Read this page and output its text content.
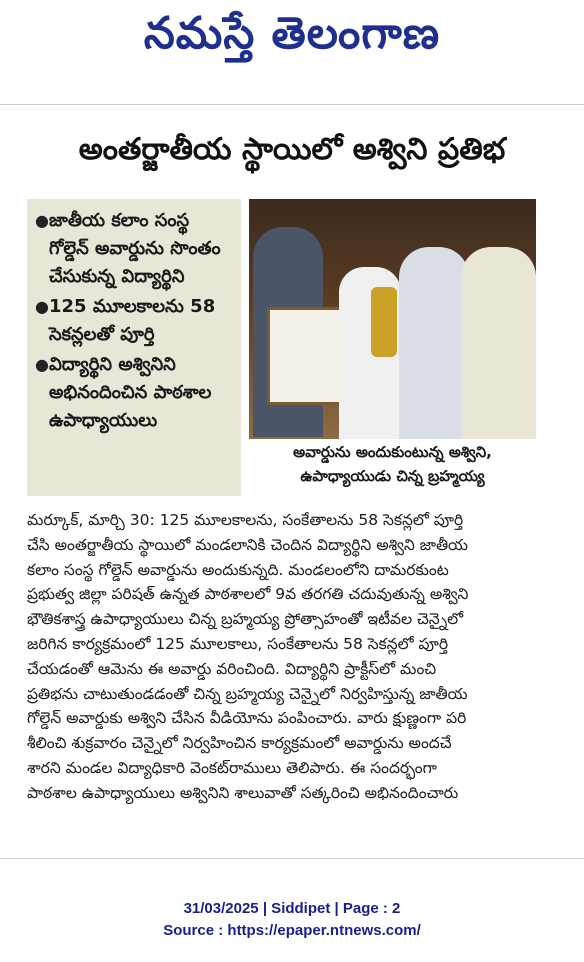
నమస్తే తెలంగాణ
అంతర్జాతీయ స్థాయిలో అశ్విని ప్రతిభ
● జాతీయ కలాం సంస్థ గోల్డెన్ అవార్డును సొంతం చేసుకున్న విద్యార్థిని
● 125 మూలకాలను 58 సెకన్లలతో పూర్తి
● విద్యార్థిని అశ్వినిని అభినందించిన పాఠశాల ఉపాధ్యాయులు
అవార్డును అందుకుంటున్న అశ్విని,
ఉపాధ్యాయుడు చిన్న బ్రహ్మయ్య
మర్కూక్, మార్చి 30: 125 మూలకాలను, సంకేతాలను 58 సెకన్లలో పూర్తి
చేసి అంతర్జాతీయ స్థాయిలో మండలానికి చెందిన విద్యార్థిని అశ్విని జాతీయ
కలాం సంస్థ గోల్డెన్ అవార్డును అందుకున్నది. మండలంలోని దామరకుంట
ప్రభుత్వ జిల్లా పరిషత్ ఉన్నత పాఠశాలలో 9వ తరగతి చదువుతున్న అశ్విని
భౌతికశాస్త్ర ఉపాధ్యాయులు చిన్న బ్రహ్మయ్య ప్రోత్సాహంతో ఇటీవల చెన్నైలో
జరిగిన కార్యక్రమంలో 125 మూలకాలు, సంకేతాలను 58 సెకన్లలో పూర్తి
చేయడంతో ఆమెను ఈ అవార్డు వరించింది. విద్యార్థిని ప్రాక్టీస్‌లో మంచి
ప్రతిభను చాటుతుండడంతో చిన్న బ్రహ్మయ్య చెన్నైలో నిర్వహిస్తున్న జాతీయ
గోల్డెన్ అవార్డుకు అశ్విని చేసిన వీడియోను పంపించారు. వారు క్షుణ్ణంగా పరి
శీలించి శుక్రవారం చెన్నైలో నిర్వహించిన కార్యక్రమంలో అవార్డును అందచే
శారని మండల విద్యాధికారి వెంకట్‌రాములు తెలిపారు. ఈ సందర్భంగా
పాఠశాల ఉపాధ్యాయులు అశ్వినిని శాలువాతో సత్కరించి అభినందించారు
31/03/2025 | Siddipet | Page : 2
Source : https://epaper.ntnews.com/
